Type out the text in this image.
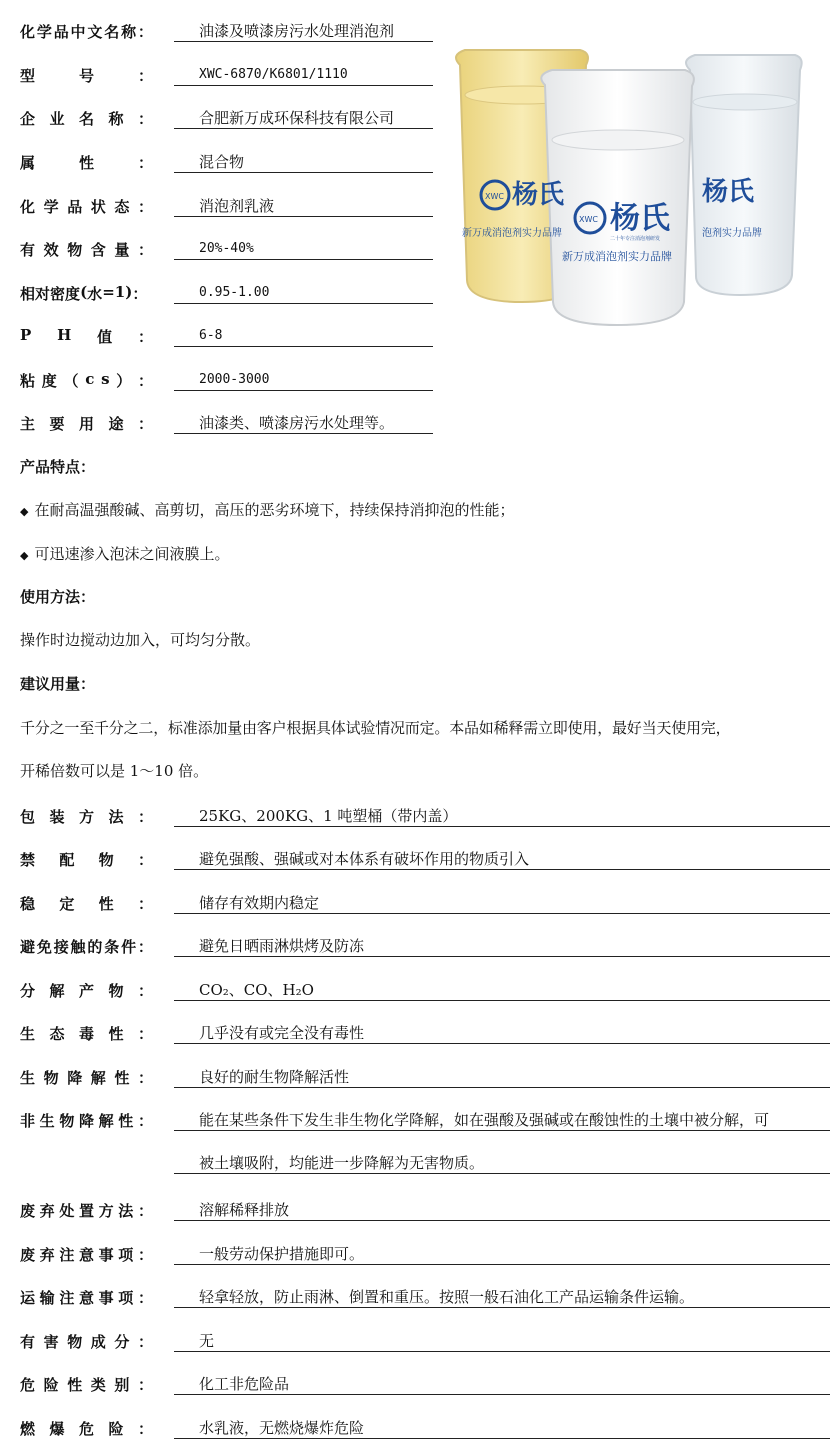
化 学 品 中 文 名 称 ：	油漆及喷漆房污水处理消泡剂
型	号	：	XWC-6870/K6801/1110
企 业 名 称 ：	合肥新万成环保科技有限公司
属	性	：	混合物
化 学 品 状 态 ：	消泡剂乳液
有 效 物 含 量 ：	20%-40%
相 对 密 度 ( 水 = 1 ) ：	0.95-1.00
P H 值 ：	6-8
粘 度 （ c s ） ：	2000-3000
主 要 用 途 ：	油漆类、喷漆房污水处理等。
XWC 杨氏
新万成消泡剂实力品牌
杨氏
泡剂实力品牌
XWC 杨氏
二十年专注消泡剂研发
新万成消泡剂实力品牌
产品特点：
◆ 在耐高温强酸碱、高剪切，高压的恶劣环境下，持续保持消抑泡的性能；
◆ 可迅速渗入泡沫之间液膜上。
使用方法：
操作时边搅动边加入，可均匀分散。
建议用量：
千分之一至千分之二，标准添加量由客户根据具体试验情况而定。本品如稀释需立即使用，最好当天使用完，
开稀倍数可以是 1～10 倍。
包 装 方 法 ：	25KG、200KG、1 吨塑桶（带内盖）
禁 配 物 ：	避免强酸、强碱或对本体系有破坏作用的物质引入
稳 定 性 ：	储存有效期内稳定
避 免 接 触 的 条 件 ：	避免日晒雨淋烘烤及防冻
分 解 产 物 ：	CO₂、CO、H₂O
生 态 毒 性 ：	几乎没有或完全没有毒性
生 物 降 解 性 ：	良好的耐生物降解活性
非 生 物 降 解 性 ：	能在某些条件下发生非生物化学降解，如在强酸及强碱或在酸蚀性的土壤中被分解，可
被土壤吸附，均能进一步降解为无害物质。
废 弃 处 置 方 法 ：	溶解稀释排放
废 弃 注 意 事 项 ：	一般劳动保护措施即可。
运 输 注 意 事 项 ：	轻拿轻放，防止雨淋、倒置和重压。按照一般石油化工产品运输条件运输。
有 害 物 成 分 ：	无
危 险 性 类 别 ：	化工非危险品
燃 爆 危 险 ：	水乳液，无燃烧爆炸危险
